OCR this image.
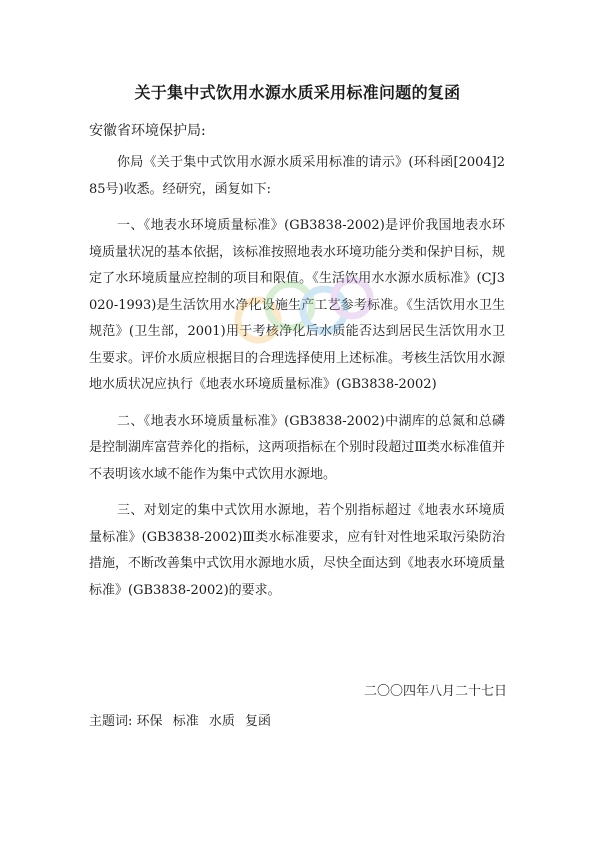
关于集中式饮用水源水质采用标准问题的复函

安徽省环境保护局:

你局《关于集中式饮用水源水质采用标准的请示》(环科函[2004]285号)收悉。经研究，函复如下:

一、《地表水环境质量标准》(GB3838-2002)是评价我国地表水环境质量状况的基本依据，该标准按照地表水环境功能分类和保护目标，规定了水环境质量应控制的项目和限值。《生活饮用水水源水质标准》(CJ3020-1993)是生活饮用水净化设施生产工艺参考标准。《生活饮用水卫生规范》(卫生部，2001)用于考核净化后水质能否达到居民生活饮用水卫生要求。评价水质应根据目的合理选择使用上述标准。考核生活饮用水源地水质状况应执行《地表水环境质量标准》(GB3838-2002)

二、《地表水环境质量标准》(GB3838-2002)中湖库的总氮和总磷是控制湖库富营养化的指标，这两项指标在个别时段超过Ⅲ类水标准值并不表明该水域不能作为集中式饮用水源地。

三、对划定的集中式饮用水源地，若个别指标超过《地表水环境质量标准》(GB3838-2002)Ⅲ类水标准要求，应有针对性地采取污染防治措施，不断改善集中式饮用水源地水质，尽快全面达到《地表水环境质量标准》(GB3838-2002)的要求。

二〇〇四年八月二十七日

主题词: 环保 标准 水质 复函
